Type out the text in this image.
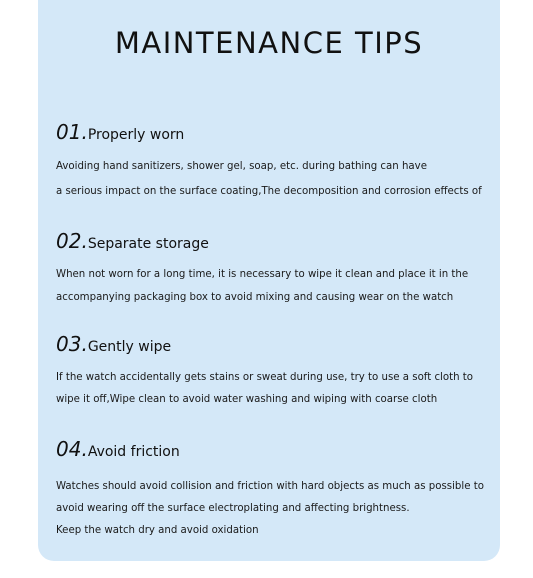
MAINTENANCE TIPS
01.Properly worn
Avoiding hand sanitizers, shower gel, soap, etc. during bathing can have
a serious impact on the surface coating,The decomposition and corrosion effects of
02.Separate storage
When not worn for a long time, it is necessary to wipe it clean and place it in the
accompanying packaging box to avoid mixing and causing wear on the watch
03.Gently wipe
If the watch accidentally gets stains or sweat during use, try to use a soft cloth to
wipe it off,Wipe clean to avoid water washing and wiping with coarse cloth
04.Avoid friction
Watches should avoid collision and friction with hard objects as much as possible to
avoid wearing off the surface electroplating and affecting brightness.
Keep the watch dry and avoid oxidation
